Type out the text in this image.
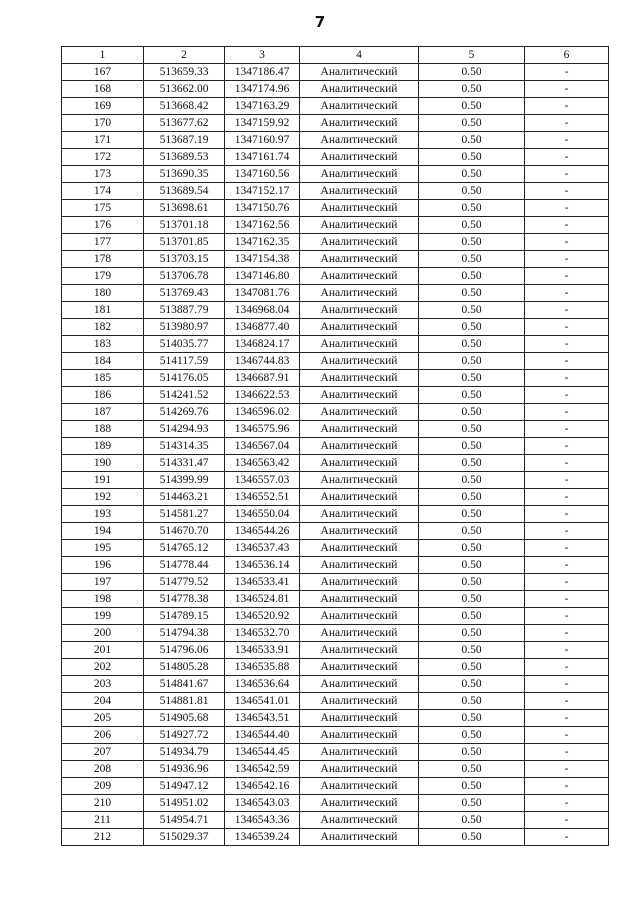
7
1	2	3	4	5	6
167	513659.33	1347186.47	Аналитический	0.50	-
168	513662.00	1347174.96	Аналитический	0.50	-
169	513668.42	1347163.29	Аналитический	0.50	-
170	513677.62	1347159.92	Аналитический	0.50	-
171	513687.19	1347160.97	Аналитический	0.50	-
172	513689.53	1347161.74	Аналитический	0.50	-
173	513690.35	1347160.56	Аналитический	0.50	-
174	513689.54	1347152.17	Аналитический	0.50	-
175	513698.61	1347150.76	Аналитический	0.50	-
176	513701.18	1347162.56	Аналитический	0.50	-
177	513701.85	1347162.35	Аналитический	0.50	-
178	513703.15	1347154.38	Аналитический	0.50	-
179	513706.78	1347146.80	Аналитический	0.50	-
180	513769.43	1347081.76	Аналитический	0.50	-
181	513887.79	1346968.04	Аналитический	0.50	-
182	513980.97	1346877.40	Аналитический	0.50	-
183	514035.77	1346824.17	Аналитический	0.50	-
184	514117.59	1346744.83	Аналитический	0.50	-
185	514176.05	1346687.91	Аналитический	0.50	-
186	514241.52	1346622.53	Аналитический	0.50	-
187	514269.76	1346596.02	Аналитический	0.50	-
188	514294.93	1346575.96	Аналитический	0.50	-
189	514314.35	1346567.04	Аналитический	0.50	-
190	514331.47	1346563.42	Аналитический	0.50	-
191	514399.99	1346557.03	Аналитический	0.50	-
192	514463.21	1346552.51	Аналитический	0.50	-
193	514581.27	1346550.04	Аналитический	0.50	-
194	514670.70	1346544.26	Аналитический	0.50	-
195	514765.12	1346537.43	Аналитический	0.50	-
196	514778.44	1346536.14	Аналитический	0.50	-
197	514779.52	1346533.41	Аналитический	0.50	-
198	514778.38	1346524.81	Аналитический	0.50	-
199	514789.15	1346520.92	Аналитический	0.50	-
200	514794.38	1346532.70	Аналитический	0.50	-
201	514796.06	1346533.91	Аналитический	0.50	-
202	514805.28	1346535.88	Аналитический	0.50	-
203	514841.67	1346536.64	Аналитический	0.50	-
204	514881.81	1346541.01	Аналитический	0.50	-
205	514905.68	1346543.51	Аналитический	0.50	-
206	514927.72	1346544.40	Аналитический	0.50	-
207	514934.79	1346544.45	Аналитический	0.50	-
208	514936.96	1346542.59	Аналитический	0.50	-
209	514947.12	1346542.16	Аналитический	0.50	-
210	514951.02	1346543.03	Аналитический	0.50	-
211	514954.71	1346543.36	Аналитический	0.50	-
212	515029.37	1346539.24	Аналитический	0.50	-
